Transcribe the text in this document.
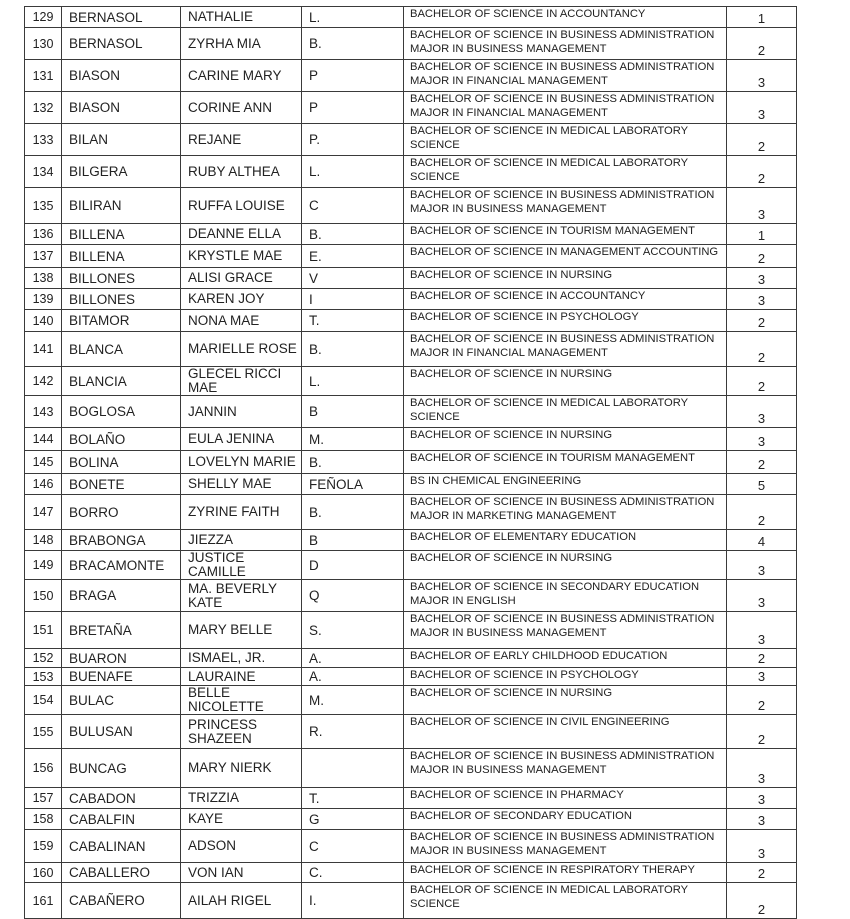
129	BERNASOL	NATHALIE	L.	BACHELOR OF SCIENCE IN ACCOUNTANCY	1
130	BERNASOL	ZYRHA MIA	B.	BACHELOR OF SCIENCE IN BUSINESS ADMINISTRATION MAJOR IN BUSINESS MANAGEMENT	2
131	BIASON	CARINE MARY	P	BACHELOR OF SCIENCE IN BUSINESS ADMINISTRATION MAJOR IN FINANCIAL MANAGEMENT	3
132	BIASON	CORINE ANN	P	BACHELOR OF SCIENCE IN BUSINESS ADMINISTRATION MAJOR IN FINANCIAL MANAGEMENT	3
133	BILAN	REJANE	P.	BACHELOR OF SCIENCE IN MEDICAL LABORATORY SCIENCE	2
134	BILGERA	RUBY ALTHEA	L.	BACHELOR OF SCIENCE IN MEDICAL LABORATORY SCIENCE	2
135	BILIRAN	RUFFA LOUISE	C	BACHELOR OF SCIENCE IN BUSINESS ADMINISTRATION MAJOR IN BUSINESS MANAGEMENT	3
136	BILLENA	DEANNE ELLA	B.	BACHELOR OF SCIENCE IN TOURISM MANAGEMENT	1
137	BILLENA	KRYSTLE MAE	E.	BACHELOR OF SCIENCE IN MANAGEMENT ACCOUNTING	2
138	BILLONES	ALISI GRACE	V	BACHELOR OF SCIENCE IN NURSING	3
139	BILLONES	KAREN JOY	I	BACHELOR OF SCIENCE IN ACCOUNTANCY	3
140	BITAMOR	NONA MAE	T.	BACHELOR OF SCIENCE IN PSYCHOLOGY	2
141	BLANCA	MARIELLE ROSE	B.	BACHELOR OF SCIENCE IN BUSINESS ADMINISTRATION MAJOR IN FINANCIAL MANAGEMENT	2
142	BLANCIA	GLECEL RICCI MAE	L.	BACHELOR OF SCIENCE IN NURSING	2
143	BOGLOSA	JANNIN	B	BACHELOR OF SCIENCE IN MEDICAL LABORATORY SCIENCE	3
144	BOLAÑO	EULA JENINA	M.	BACHELOR OF SCIENCE IN NURSING	3
145	BOLINA	LOVELYN MARIE	B.	BACHELOR OF SCIENCE IN TOURISM MANAGEMENT	2
146	BONETE	SHELLY MAE	FEÑOLA	BS IN CHEMICAL ENGINEERING	5
147	BORRO	ZYRINE FAITH	B.	BACHELOR OF SCIENCE IN BUSINESS ADMINISTRATION MAJOR IN MARKETING MANAGEMENT	2
148	BRABONGA	JIEZZA	B	BACHELOR OF ELEMENTARY EDUCATION	4
149	BRACAMONTE	JUSTICE CAMILLE	D	BACHELOR OF SCIENCE IN NURSING	3
150	BRAGA	MA. BEVERLY KATE	Q	BACHELOR OF SCIENCE IN SECONDARY EDUCATION MAJOR IN ENGLISH	3
151	BRETAÑA	MARY BELLE	S.	BACHELOR OF SCIENCE IN BUSINESS ADMINISTRATION MAJOR IN BUSINESS MANAGEMENT	3
152	BUARON	ISMAEL, JR.	A.	BACHELOR OF EARLY CHILDHOOD EDUCATION	2
153	BUENAFE	LAURAINE	A.	BACHELOR OF SCIENCE IN PSYCHOLOGY	3
154	BULAC	BELLE NICOLETTE	M.	BACHELOR OF SCIENCE IN NURSING	2
155	BULUSAN	PRINCESS SHAZEEN	R.	BACHELOR OF SCIENCE IN CIVIL ENGINEERING	2
156	BUNCAG	MARY NIERK		BACHELOR OF SCIENCE IN BUSINESS ADMINISTRATION MAJOR IN BUSINESS MANAGEMENT	3
157	CABADON	TRIZZIA	T.	BACHELOR OF SCIENCE IN PHARMACY	3
158	CABALFIN	KAYE	G	BACHELOR OF SECONDARY EDUCATION	3
159	CABALINAN	ADSON	C	BACHELOR OF SCIENCE IN BUSINESS ADMINISTRATION MAJOR IN BUSINESS MANAGEMENT	3
160	CABALLERO	VON IAN	C.	BACHELOR OF SCIENCE IN RESPIRATORY THERAPY	2
161	CABAÑERO	AILAH RIGEL	I.	BACHELOR OF SCIENCE IN MEDICAL LABORATORY SCIENCE	2
